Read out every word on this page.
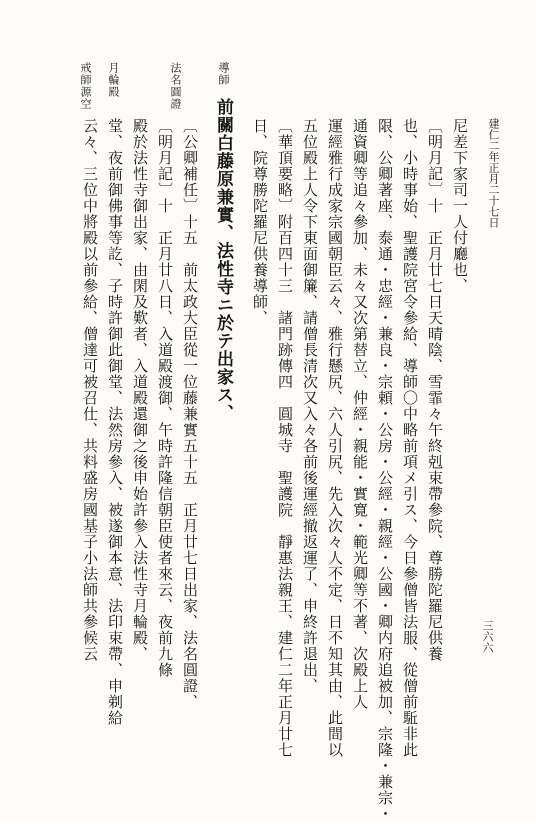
建仁二年正月二十七日
三六六
尼差下家司一人付廳也、
〔明月記〕十　正月廿七日天晴陰、雪霏々午終剋束帶參院、尊勝陀羅尼供養
也、小時事始、聖護院宮令參給、導師〇中略前項メ引ス、今日參僧皆法服、從僧前駈非此
限、公卿著座、泰通・忠經・兼良・宗頼・公房・公經・親經・公國・卿内府追被加、宗隆・兼宗・
通資卿等追々參加、未々又次第替立、仲經・親能・實寛・範光卿等不著、次殿上人
運經雅行成家宗國朝臣云々、雅行懸尻、六人引尻、先入次々人不定、日不知其由、此間以
五位殿上人令下東面御簾、請僧長清次又入々各前後運經撤返運了、申終許退出、
〔華頂要略〕附百四十三　諸門跡傳四　圓城寺　聖護院　靜惠法親王、建仁二年正月廿七
日、院尊勝陀羅尼供養導師、
前關白藤原兼實、法性寺ニ於テ出家ス、
〔公卿補任〕十五　前太政大臣從一位藤兼實五十五　正月廿七日出家、法名圓證、
〔明月記〕十　正月廿八日、入道殿渡御、午時許隆信朝臣使者來云、夜前九條
殿於法性寺御出家、由閑及歎者、入道殿還御之後申始許參入法性寺月輪殿、
堂、夜前御佛事等訖、子時許御此御堂、法然房參入、被遂御本意、法印束帶、申剃給
云々、三位中將殿以前參給、僧達可被召仕、共料盛房國基子小法師共參候云
導師
法名圓證
月輪殿
戒師源空
